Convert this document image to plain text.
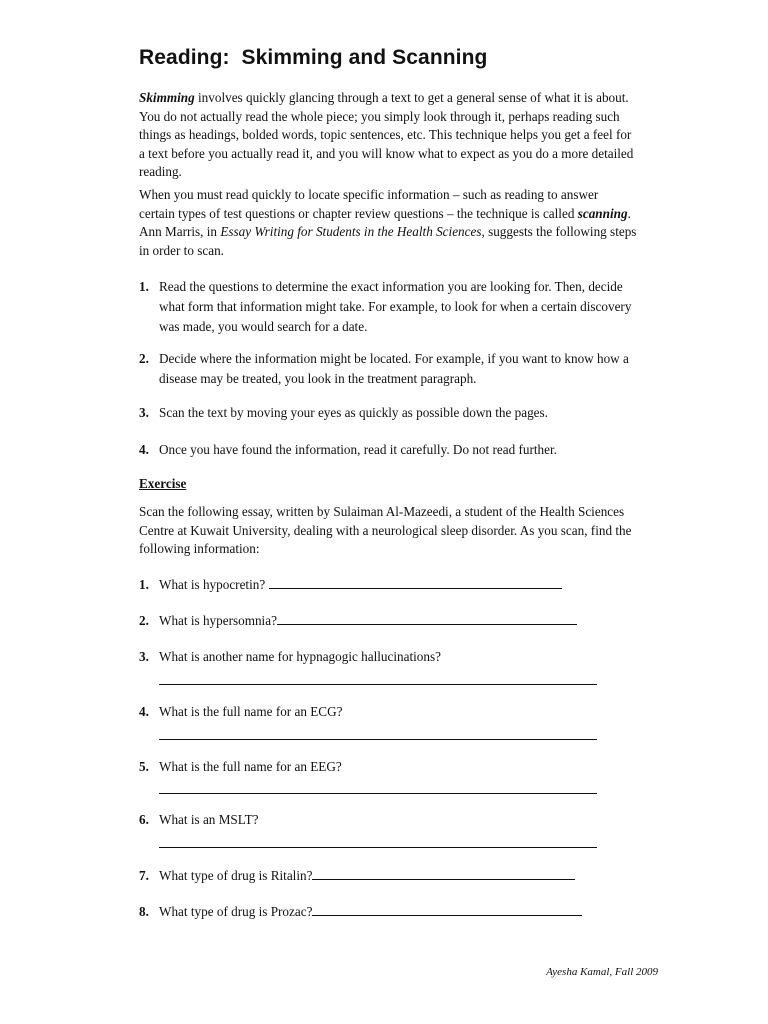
Reading:  Skimming and Scanning

Skimming involves quickly glancing through a text to get a general sense of what it is about. You do not actually read the whole piece; you simply look through it, perhaps reading such things as headings, bolded words, topic sentences, etc. This technique helps you get a feel for a text before you actually read it, and you will know what to expect as you do a more detailed reading.

When you must read quickly to locate specific information – such as reading to answer certain types of test questions or chapter review questions – the technique is called scanning. Ann Marris, in Essay Writing for Students in the Health Sciences, suggests the following steps in order to scan.

1. Read the questions to determine the exact information you are looking for. Then, decide what form that information might take. For example, to look for when a certain discovery was made, you would search for a date.
2. Decide where the information might be located. For example, if you want to know how a disease may be treated, you look in the treatment paragraph.
3. Scan the text by moving your eyes as quickly as possible down the pages.
4. Once you have found the information, read it carefully. Do not read further.
Exercise

Scan the following essay, written by Sulaiman Al-Mazeedi, a student of the Health Sciences Centre at Kuwait University, dealing with a neurological sleep disorder. As you scan, find the following information:

1. What is hypocretin?
2. What is hypersomnia?
3. What is another name for hypnagogic hallucinations?
4. What is the full name for an ECG?
5. What is the full name for an EEG?
6. What is an MSLT?
7. What type of drug is Ritalin?
8. What type of drug is Prozac?
Ayesha Kamal, Fall 2009
